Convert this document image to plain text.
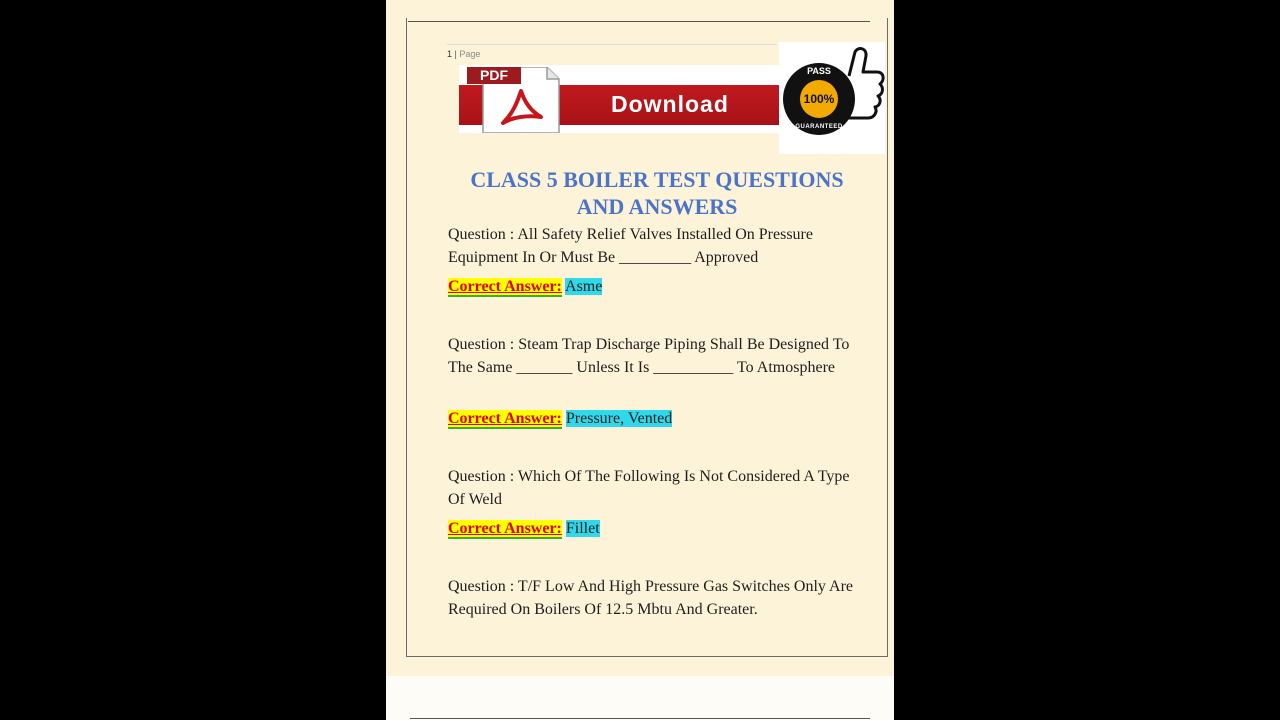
1 | Page
PDF
Download
PASS
100%
GUARANTEED
CLASS 5 BOILER TEST QUESTIONS
AND ANSWERS
Question : All Safety Relief Valves Installed On Pressure Equipment In Or Must Be _________ Approved
Correct Answer: Asme
Question : Steam Trap Discharge Piping Shall Be Designed To The Same _______ Unless It Is __________ To Atmosphere
Correct Answer: Pressure, Vented
Question : Which Of The Following Is Not Considered A Type Of Weld
Correct Answer: Fillet
Question : T/F Low And High Pressure Gas Switches Only Are Required On Boilers Of 12.5 Mbtu And Greater.
